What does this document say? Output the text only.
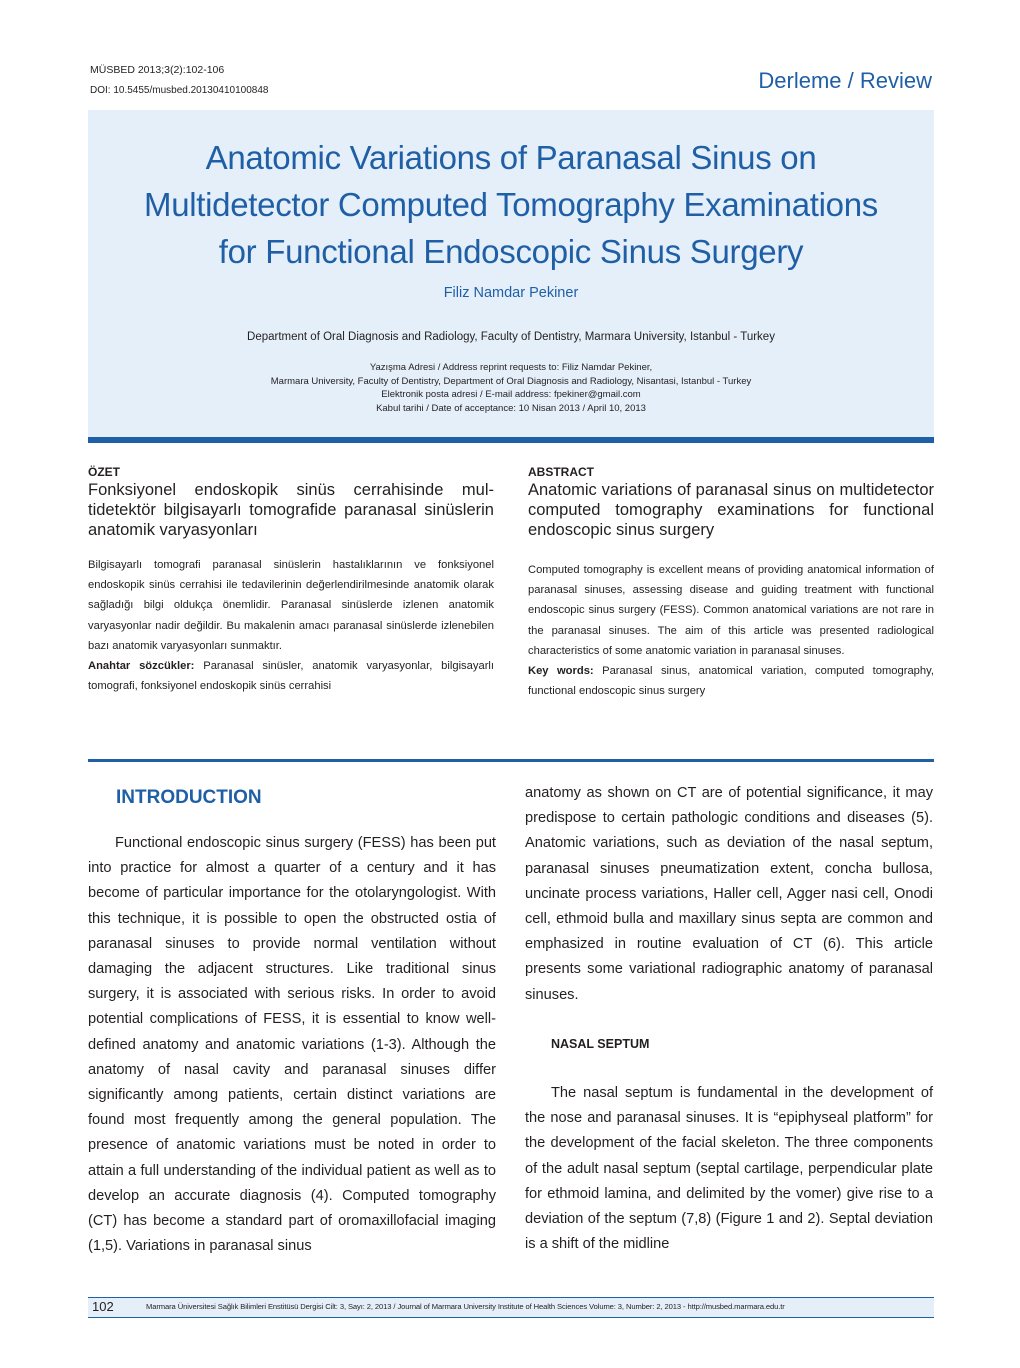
MÜSBED 2013;3(2):102-106
DOI: 10.5455/musbed.20130410100848	Derleme / Review
Anatomic Variations of Paranasal Sinus on
Multidetector Computed Tomography Examinations
for Functional Endoscopic Sinus Surgery
Filiz Namdar Pekiner
Department of Oral Diagnosis and Radiology, Faculty of Dentistry, Marmara University, Istanbul - Turkey
Yazışma Adresi / Address reprint requests to: Filiz Namdar Pekiner,
Marmara University, Faculty of Dentistry, Department of Oral Diagnosis and Radiology, Nisantasi, Istanbul - Turkey
Elektronik posta adresi / E-mail address: fpekiner@gmail.com
Kabul tarihi / Date of acceptance: 10 Nisan 2013 / April 10, 2013
ÖZET
Fonksiyonel endoskopik sinüs cerrahisinde mul-tidetektör bilgisayarlı tomografide paranasal sinüslerin anatomik varyasyonları
Bilgisayarlı tomografi paranasal sinüslerin hastalıklarının ve fonksiyonel endoskopik sinüs cerrahisi ile tedavilerinin değerlendirilmesinde anatomik olarak sağladığı bilgi oldukça önemlidir. Paranasal sinüslerde izlenen anatomik varyasyonlar nadir değildir. Bu makalenin amacı paranasal sinüslerde izlenebilen bazı anatomik varyasyonları sunmaktır.
Anahtar sözcükler: Paranasal sinüsler, anatomik varyasyonlar, bilgisayarlı tomografi, fonksiyonel endoskopik sinüs cerrahisi
ABSTRACT
Anatomic variations of paranasal sinus on multidetector computed tomography examinations for functional endoscopic sinus surgery
Computed tomography is excellent means of providing anatomical information of paranasal sinuses, assessing disease and guiding treatment with functional endoscopic sinus surgery (FESS). Common anatomical variations are not rare in the paranasal sinuses. The aim of this article was presented radiological characteristics of some anatomic variation in paranasal sinuses.
Key words: Paranasal sinus, anatomical variation, computed tomography, functional endoscopic sinus surgery
INTRODUCTION
Functional endoscopic sinus surgery (FESS) has been put into practice for almost a quarter of a century and it has become of particular importance for the otolaryngologist. With this technique, it is possible to open the obstructed ostia of paranasal sinuses to provide normal ventilation without damaging the adjacent structures. Like traditional sinus surgery, it is associated with serious risks. In order to avoid potential complications of FESS, it is essential to know well-defined anatomy and anatomic variations (1-3). Although the anatomy of nasal cavity and paranasal sinuses differ significantly among patients, certain distinct variations are found most frequently among the general population. The presence of anatomic variations must be noted in order to attain a full understanding of the individual patient as well as to develop an accurate diagnosis (4). Computed tomography (CT) has become a standard part of oromaxillofacial imaging (1,5). Variations in paranasal sinus
anatomy as shown on CT are of potential significance, it may predispose to certain pathologic conditions and diseases (5). Anatomic variations, such as deviation of the nasal septum, paranasal sinuses pneumatization extent, concha bullosa, uncinate process variations, Haller cell, Agger nasi cell, Onodi cell, ethmoid bulla and maxillary sinus septa are common and emphasized in routine evaluation of CT (6). This article presents some variational radiographic anatomy of paranasal sinuses.
NASAL SEPTUM
The nasal septum is fundamental in the development of the nose and paranasal sinuses. It is “epiphyseal platform” for the development of the facial skeleton. The three components of the adult nasal septum (septal cartilage, perpendicular plate for ethmoid lamina, and delimited by the vomer) give rise to a deviation of the septum (7,8) (Figure 1 and 2). Septal deviation is a shift of the midline
102	Marmara Üniversitesi Sağlık Bilimleri Enstitüsü Dergisi Cilt: 3, Sayı: 2, 2013 / Journal of Marmara University Institute of Health Sciences Volume: 3, Number: 2, 2013 - http://musbed.marmara.edu.tr
